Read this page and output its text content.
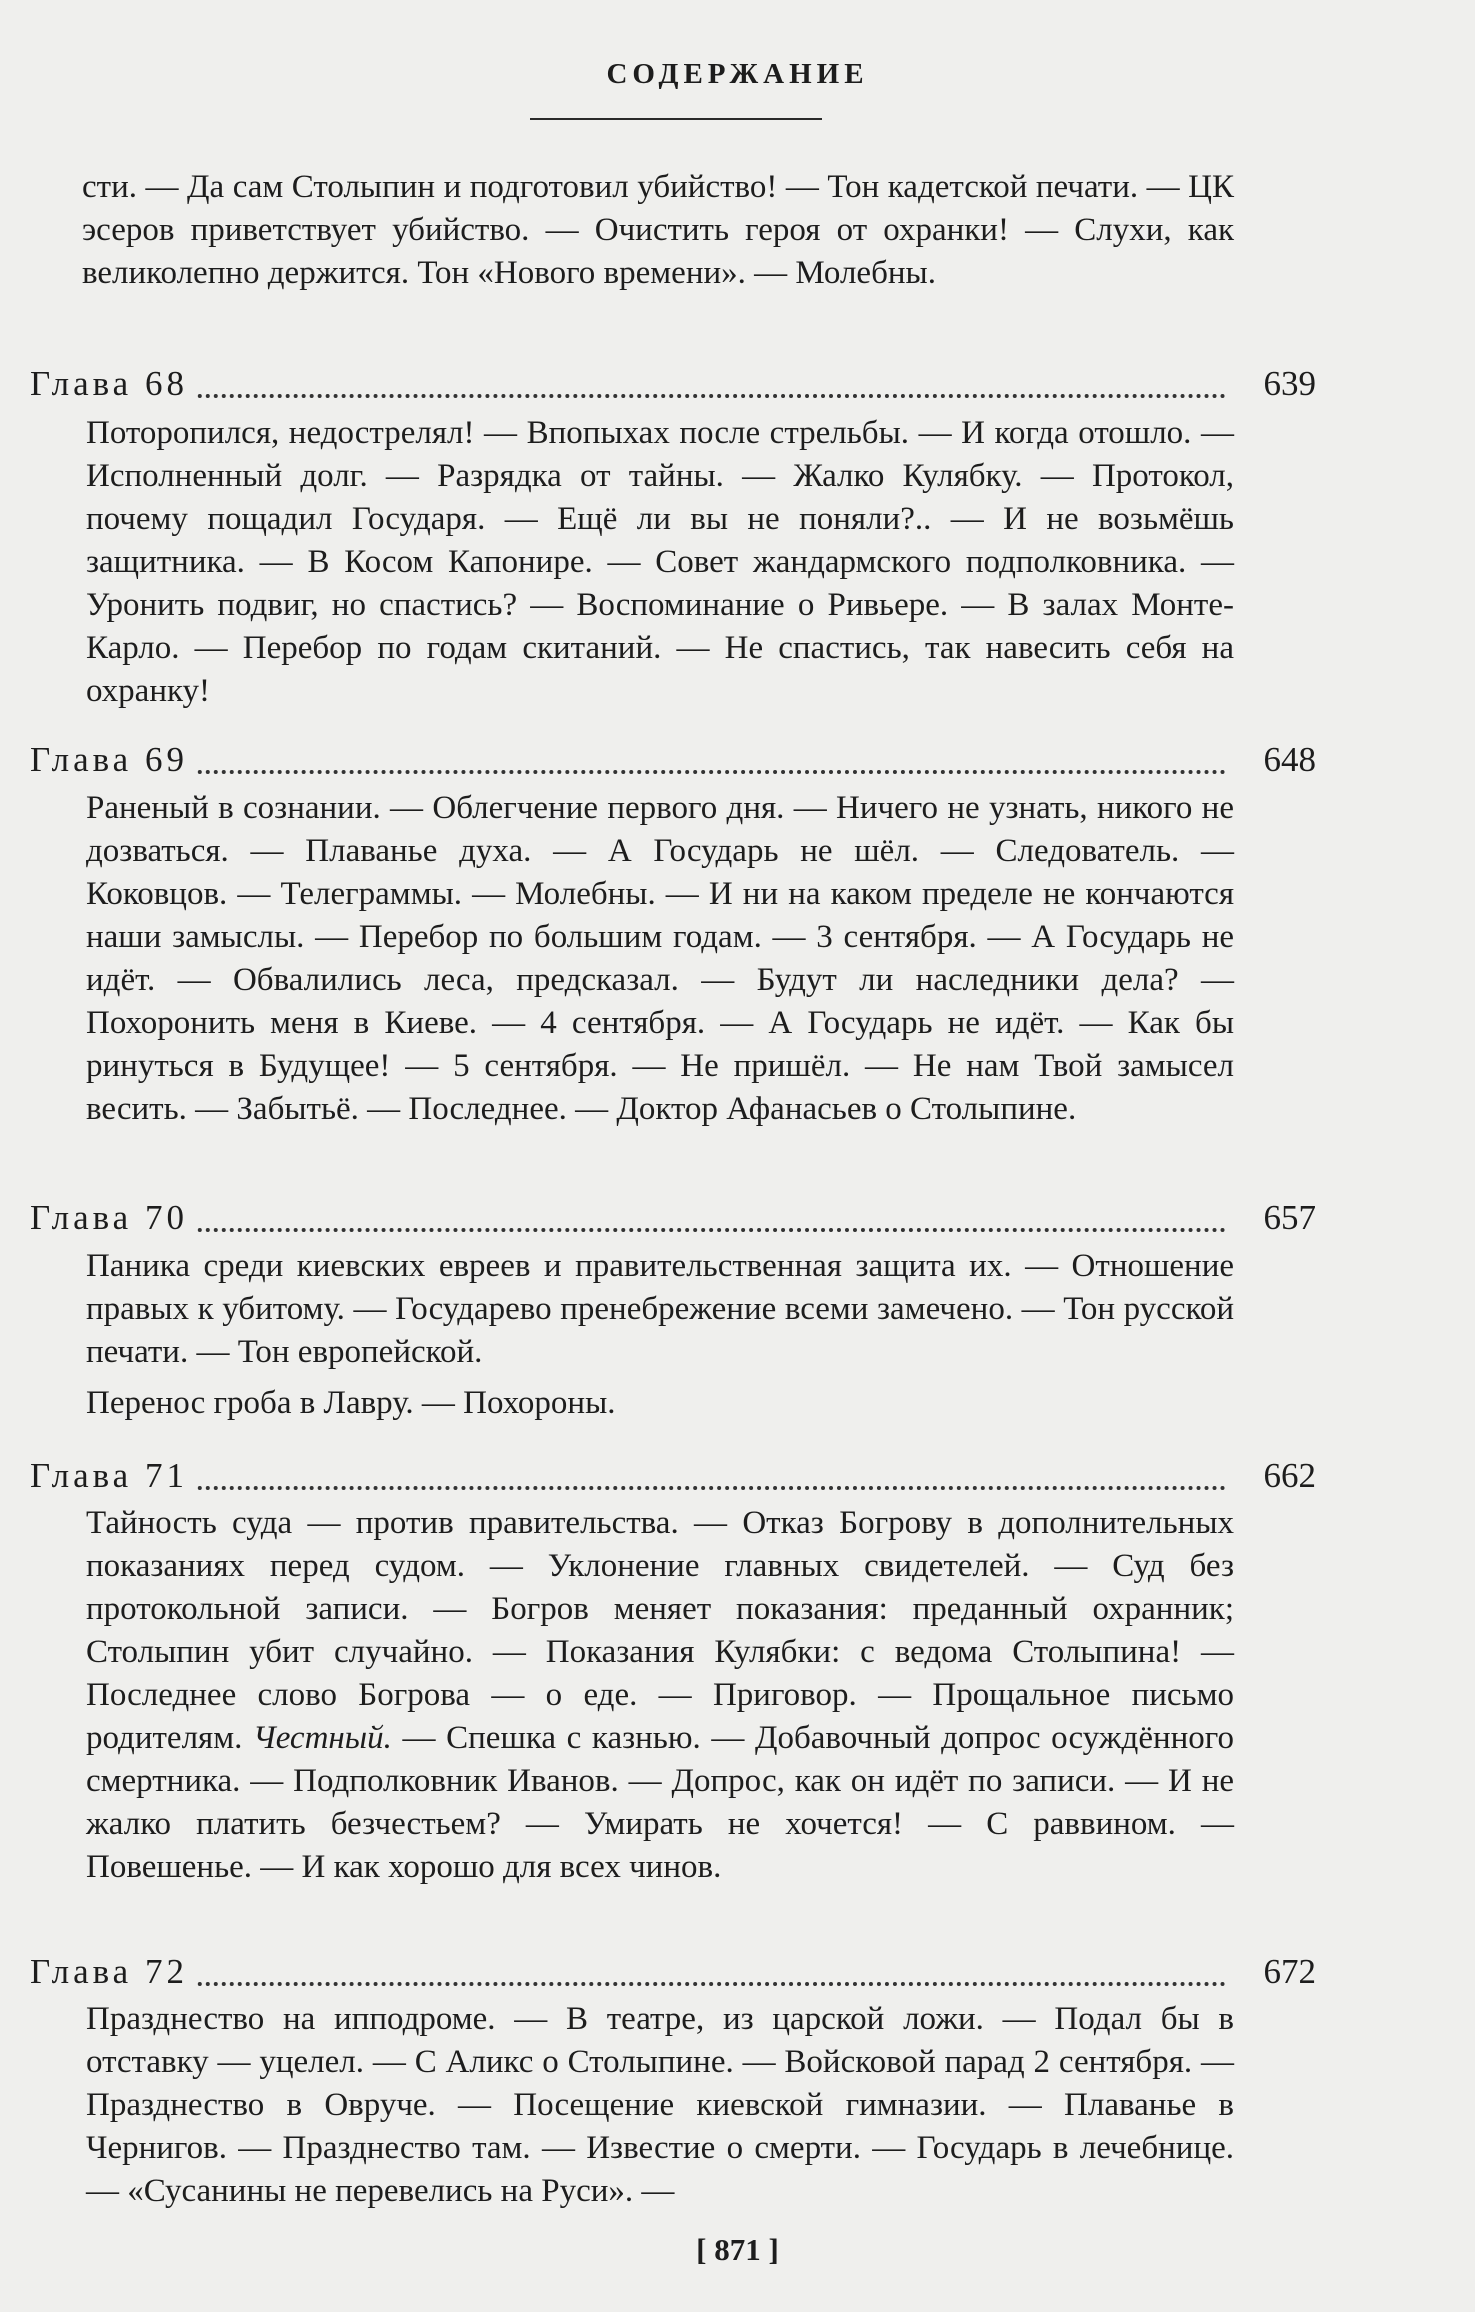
СОДЕРЖАНИЕ
сти. — Да сам Столыпин и подготовил убийство! — Тон кадетской печати. — ЦК эсеров приветствует убийство. — Очистить героя от охранки! — Слухи, как великолепно держится. Тон «Нового времени». — Молебны.
Глава 68	639
Поторопился, недострелял! — Впопыхах после стрельбы. — И когда отошло. — Исполненный долг. — Разрядка от тайны. — Жалко Кулябку. — Протокол, почему пощадил Государя. — Ещё ли вы не поняли?.. — И не возьмёшь защитника. — В Косом Капонире. — Совет жандармского подполковника. — Уронить подвиг, но спастись? — Воспоминание о Ривьере. — В залах Монте-Карло. — Перебор по годам скитаний. — Не спастись, так навесить себя на охранку!
Глава 69	648
Раненый в сознании. — Облегчение первого дня. — Ничего не узнать, никого не дозваться. — Плаванье духа. — А Государь не шёл. — Следователь. — Коковцов. — Телеграммы. — Молебны. — И ни на каком пределе не кончаются наши замыслы. — Перебор по большим годам. — 3 сентября. — А Государь не идёт. — Обвалились леса, предсказал. — Будут ли наследники дела? — Похоронить меня в Киеве. — 4 сентября. — А Государь не идёт. — Как бы ринуться в Будущее! — 5 сентября. — Не пришёл. — Не нам Твой замысел весить. — Забытьё. — Последнее. — Доктор Афанасьев о Столыпине.
Глава 70	657
Паника среди киевских евреев и правительственная защита их. — Отношение правых к убитому. — Государево пренебрежение всеми замечено. — Тон русской печати. — Тон европейской.
Перенос гроба в Лавру. — Похороны.
Глава 71	662
Тайность суда — против правительства. — Отказ Богрову в дополнительных показаниях перед судом. — Уклонение главных свидетелей. — Суд без протокольной записи. — Богров меняет показания: преданный охранник; Столыпин убит случайно. — Показания Кулябки: с ведома Столыпина! — Последнее слово Богрова — о еде. — Приговор. — Прощальное письмо родителям. Честный. — Спешка с казнью. — Добавочный допрос осуждённого смертника. — Подполковник Иванов. — Допрос, как он идёт по записи. — И не жалко платить безчестьем? — Умирать не хочется! — С раввином. — Повешенье. — И как хорошо для всех чинов.
Глава 72	672
Празднество на ипподроме. — В театре, из царской ложи. — Подал бы в отставку — уцелел. — С Аликс о Столыпине. — Войсковой парад 2 сентября. — Празднество в Овруче. — Посещение киевской гимназии. — Плаванье в Чернигов. — Празднество там. — Известие о смерти. — Государь в лечебнице. — «Сусанины не перевелись на Руси». —
[ 871 ]
